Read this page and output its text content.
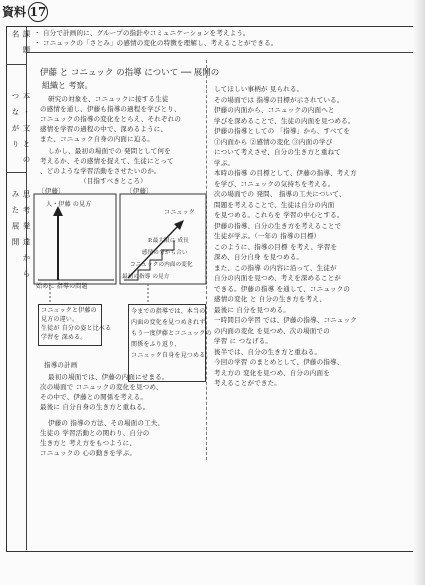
資料 17
課 題 名
本 ・ 文 と の つ な が り
思 考 発 達 か ら み た 展 開
・ 自分で計画的に、グループの指針やコミュニケーションを考えよう。
・ コニュックの「さとみ」の感情の変化の特徴を理解し、考えることができる。
伊藤 と コニュック の指導 について ── 展開の
組織と 考察。
研究の対象を、コニュックに接する生徒
の感情を通し、伊藤も指導の過程を学びとり、
コニュックの指導の変化をとらえ、それぞれの
感情を学習の過程の中で、深めるように、
また、コニュック自身の内面に迫る。
しかし、最初の場面での 発問として何を
考えるか、その感情を捉えて、生徒にとって
、どのような学習活動をさせたいのか。
（目指すべきところ）
〔伊藤〕	〔伊藤〕
人・伊藤 の見方
始めに 指導の問題
コニュック
P.最大限に 成長
感情の分かち合い
コニュックの内面の変化
最初の指導 の見方
コニュックと伊藤の
見方の違い。
生徒が 自分の姿と比べる
学習を 深める。
今までの指導では、本当の
内面の変化を見つめきれず、
もう一度伊藤とコニュックの
関係をふり返り、
コニュック自身を見つめる。
指導の計画
最初の場面では、伊藤の内面にせまる。
次の場面で コニュックの変化を見つめ、
その中で、伊藤との関係を考える。
最後に 自分自身の生き方と重ねる。
伊藤の 指導の方法、その場面の工夫、
生徒の 学習活動との関わり、自分の
生き方と 考え方をもつように、
コニュックの 心の動きを学ぶ。
してほしい事柄が 見られる。
その場面では 指導の目標が示されている。
伊藤の内面から、コニュックの内面へと
学びを深めることで、生徒の内面を見つめる。
伊藤の指導としての 「指導」から、すべてを
①内面から ②感情の変化 ③内面の学び
について考えさせ、自分の生き方と重ねて
学ぶ。
本時の指導 の目標として、伊藤の指導、考え方
を学び、コニュックの気持ちを考える。
次の場面での 発問、 指導の工夫について、
問題を考えることで、生徒は自分の内面
を見つめる。これらを 学習の中心とする。
伊藤の指導、自分の生き方を考えることで
生徒が学ぶ。（一年の 指導の目標）
このように、指導の目標 を考え、学習を
深め、自分自身 を見つめる。
また、この指導 の内容に沿って、生徒が
自分の内面を見つめ、考えを深めることが
できる。伊藤の指導 を通して、コニュックの
感情の変化 と 自分の生き方を考え、
最後に 自分を見つめる。
一時間目の学習 では、伊藤の指導、コニュック
の内面の変化 を見つめ、次の場面での
学習 に つなげる。
後半では、自分の生き方と重ねる。
今回の学習 のまとめとして、伊藤の指導、
考え方の 変化を見つめ、自分の内面を
考えることができた。
